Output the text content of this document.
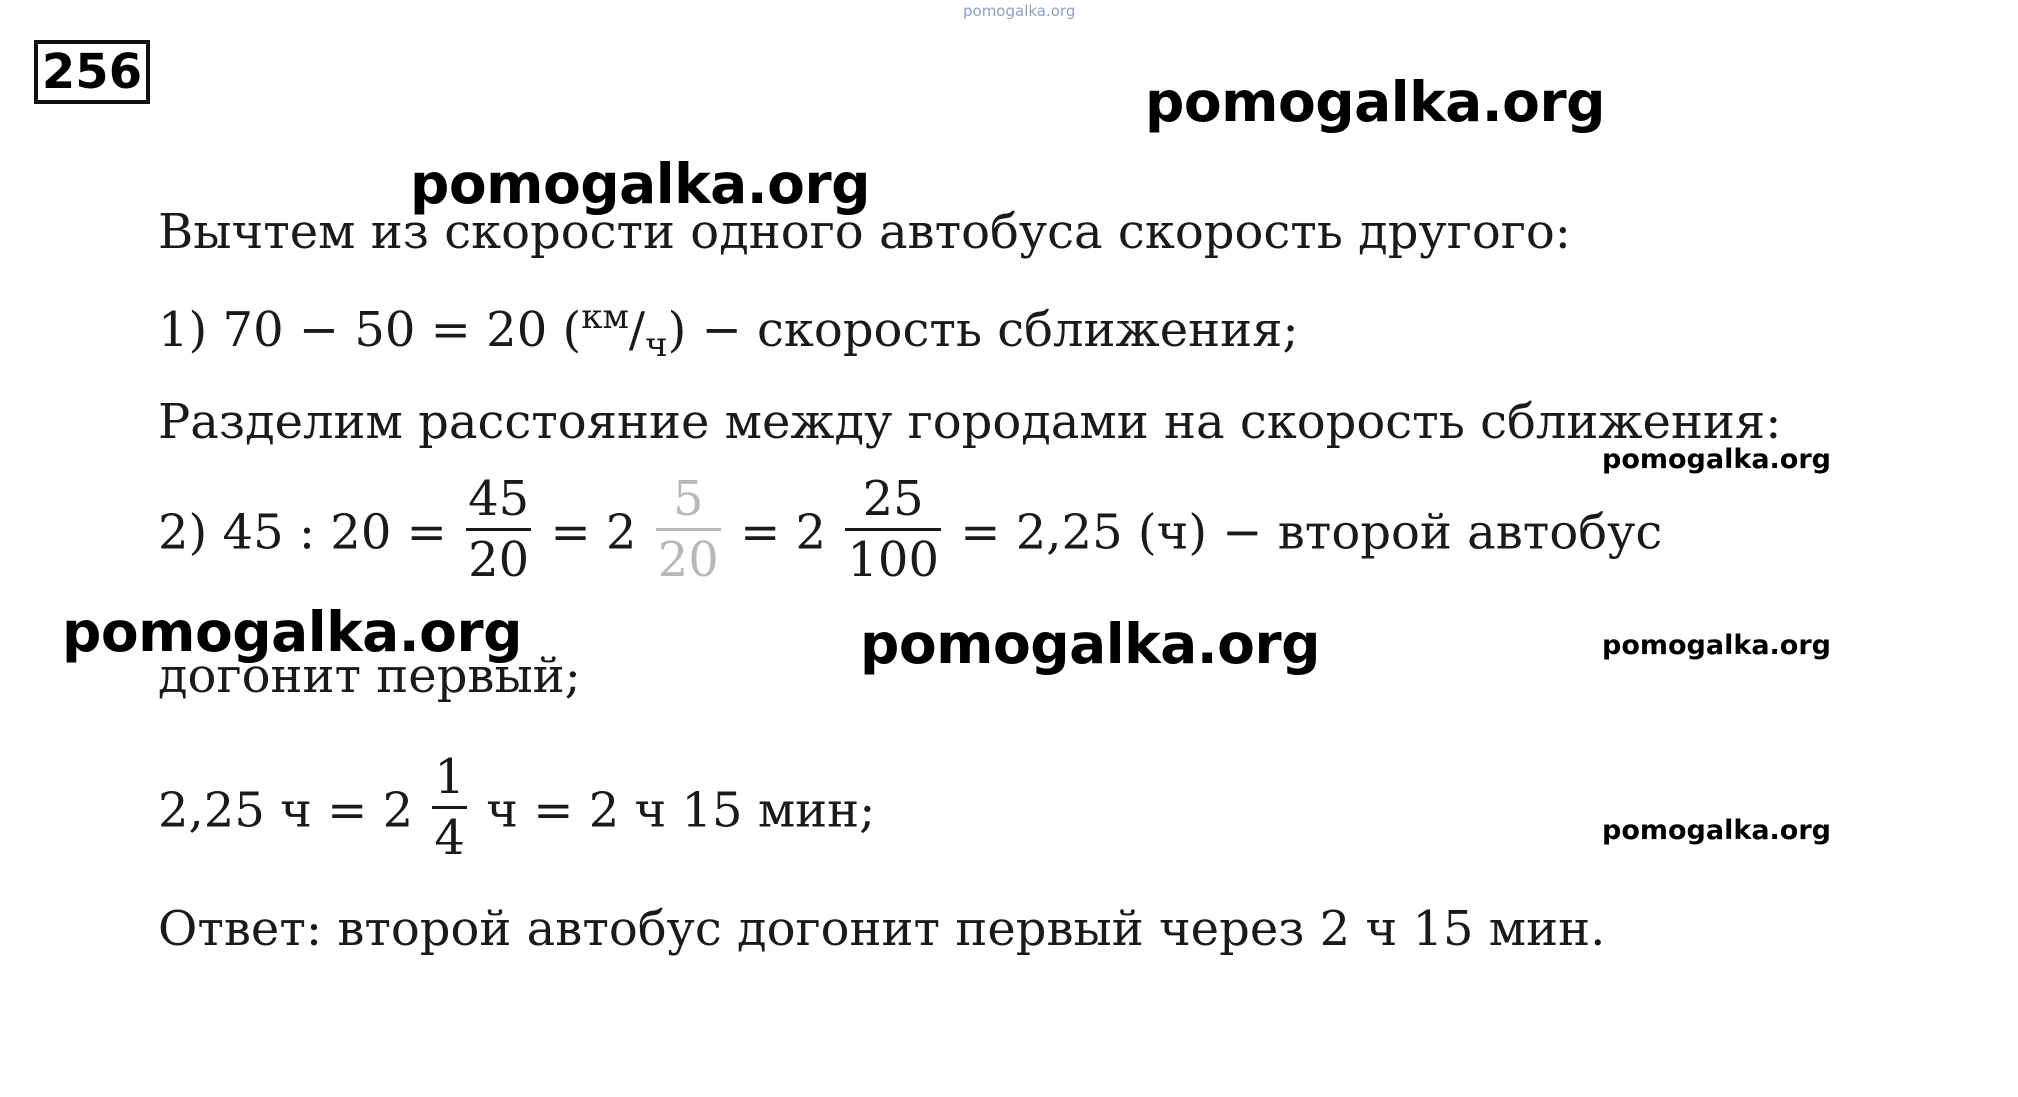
pomogalka.org
256	pomogalka.org
pomogalka.org
Вычтем из скорости одного автобуса скорость другого:
1) 70 − 50 = 20 $(^{км}/_ч)$ − скорость сближения;
Разделим расстояние между городами на скорость сближения:
pomogalka.org
2) 45 : $20 = \frac{45}{20} = 2 \frac{5}{20} = 2 \frac{25}{100} = 2,25$ (ч) − второй автобус
pomogalka.org	pomogalka.org	pomogalka.org
догонит первый;
2,25 $ч = 2 \frac{1}{4}$ ч = 2 ч 15 мин;	pomogalka.org
Ответ: второй автобус догонит первый через 2 ч 15 мин.
